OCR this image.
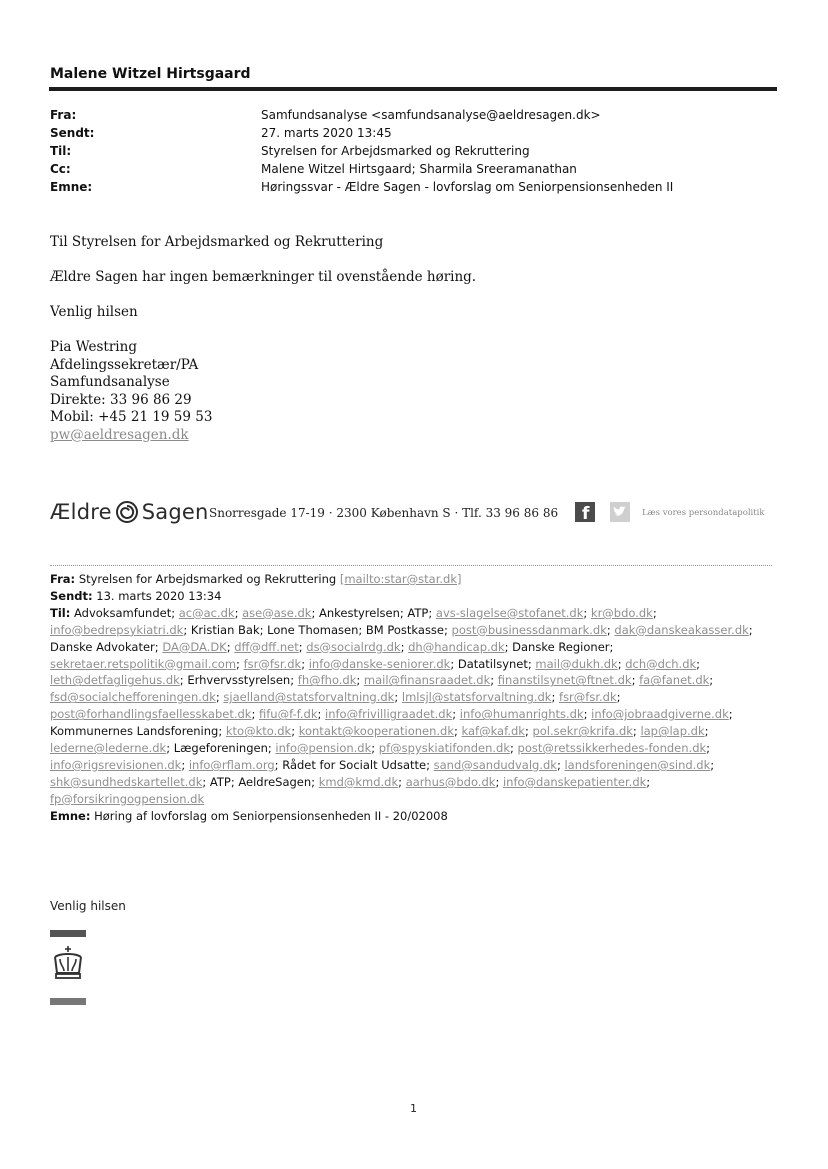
Malene Witzel Hirtsgaard
Fra:	Samfundsanalyse <samfundsanalyse@aeldresagen.dk>
Sendt:	27. marts 2020 13:45
Til:	Styrelsen for Arbejdsmarked og Rekruttering
Cc:	Malene Witzel Hirtsgaard; Sharmila Sreeramanathan
Emne:	Høringssvar - Ældre Sagen - lovforslag om Seniorpensionsenheden II
Til Styrelsen for Arbejdsmarked og Rekruttering
Ældre Sagen har ingen bemærkninger til ovenstående høring.
Venlig hilsen
Pia Westring
Afdelingssekretær/PA
Samfundsanalyse
Direkte: 33 96 86 29
Mobil: +45 21 19 59 53
pw@aeldresagen.dk
Ældre Sagen Snorresgade 17-19 · 2300 København S · Tlf. 33 96 86 86 f	Læs vores persondatapolitik
Fra: Styrelsen for Arbejdsmarked og Rekruttering [mailto:star@star.dk]
Sendt: 13. marts 2020 13:34
Til: Advoksamfundet; ac@ac.dk; ase@ase.dk; Ankestyrelsen; ATP; avs-slagelse@stofanet.dk; kr@bdo.dk; info@bedrepsykiatri.dk; Kristian Bak; Lone Thomasen; BM Postkasse; post@businessdanmark.dk; dak@danskeakasser.dk; Danske Advokater; DA@DA.DK; dff@dff.net; ds@socialrdg.dk; dh@handicap.dk; Danske Regioner; sekretaer.retspolitik@gmail.com; fsr@fsr.dk; info@danske-seniorer.dk; Datatilsynet; mail@dukh.dk; dch@dch.dk; leth@detfagligehus.dk; Erhvervsstyrelsen; fh@fho.dk; mail@finansraadet.dk; finanstilsynet@ftnet.dk; fa@fanet.dk; fsd@socialchefforeningen.dk; sjaelland@statsforvaltning.dk; lmlsjl@statsforvaltning.dk; fsr@fsr.dk; post@forhandlingsfaellesskabet.dk; fifu@f-f.dk; info@frivilligraadet.dk; info@humanrights.dk; info@jobraadgiverne.dk; Kommunernes Landsforening; kto@kto.dk; kontakt@kooperationen.dk; kaf@kaf.dk; pol.sekr@krifa.dk; lap@lap.dk; lederne@lederne.dk; Lægeforeningen; info@pension.dk; pf@spyskiatifonden.dk; post@retssikkerhedes-fonden.dk; info@rigsrevisionen.dk; info@rflam.org; Rådet for Socialt Udsatte; sand@sandudvalg.dk; landsforeningen@sind.dk; shk@sundhedskartellet.dk; ATP; AeldreSagen; kmd@kmd.dk; aarhus@bdo.dk; info@danskepatienter.dk; fp@forsikringogpension.dk
Emne: Høring af lovforslag om Seniorpensionsenheden II - 20/02008
Venlig hilsen
1
